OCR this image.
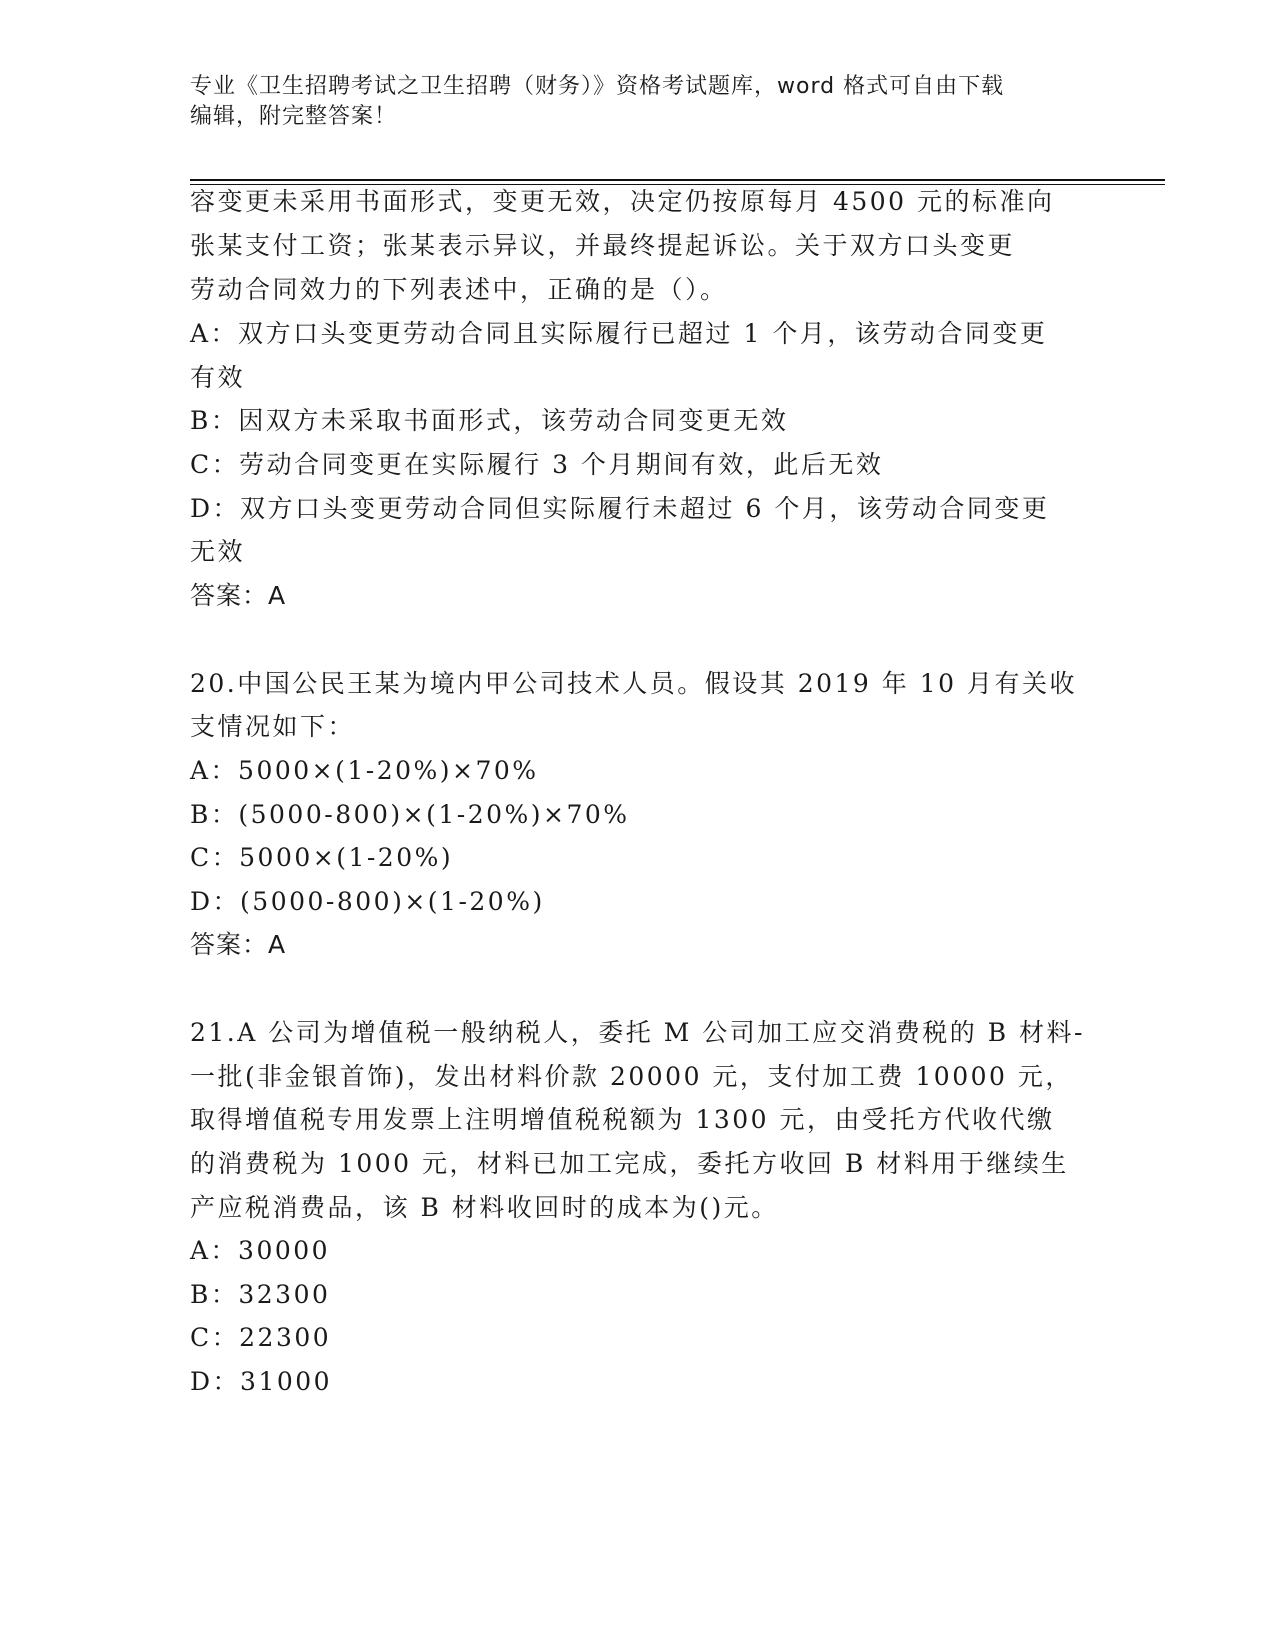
专业《卫生招聘考试之卫生招聘（财务）》资格考试题库，word 格式可自由下载
编辑，附完整答案！
容变更未采用书面形式，变更无效，决定仍按原每月 4500 元的标准向
张某支付工资；张某表示异议，并最终提起诉讼。关于双方口头变更
劳动合同效力的下列表述中，正确的是（）。
A：双方口头变更劳动合同且实际履行已超过 1 个月，该劳动合同变更
有效
B：因双方未采取书面形式，该劳动合同变更无效
C：劳动合同变更在实际履行 3 个月期间有效，此后无效
D：双方口头变更劳动合同但实际履行未超过 6 个月，该劳动合同变更
无效
答案：A
20.中国公民王某为境内甲公司技术人员。假设其 2019 年 10 月有关收
支情况如下：
A：5000×(1-20%)×70%
B：(5000-800)×(1-20%)×70%
C：5000×(1-20%)
D：(5000-800)×(1-20%)
答案：A
21.A 公司为增值税一般纳税人，委托 M 公司加工应交消费税的 B 材料-
一批(非金银首饰)，发出材料价款 20000 元，支付加工费 10000 元，
取得增值税专用发票上注明增值税税额为 1300 元，由受托方代收代缴
的消费税为 1000 元，材料已加工完成，委托方收回 B 材料用于继续生
产应税消费品，该 B 材料收回时的成本为()元。
A：30000
B：32300
C：22300
D：31000
